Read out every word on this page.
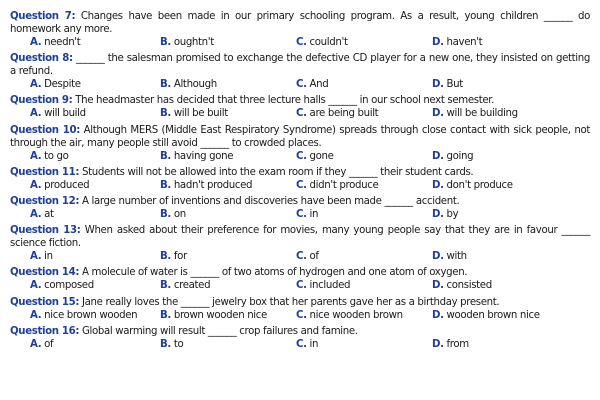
Question 7: Changes have been made in our primary schooling program. As a result, young children ______ do homework any more.
A. needn't	B. oughtn't	C. couldn't	D. haven't
Question 8: ______ the salesman promised to exchange the defective CD player for a new one, they insisted on getting a refund.
A. Despite	B. Although	C. And	D. But
Question 9: The headmaster has decided that three lecture halls ______ in our school next semester.
A. will build	B. will be built	C. are being built	D. will be building
Question 10: Although MERS (Middle East Respiratory Syndrome) spreads through close contact with sick people, not through the air, many people still avoid ______ to crowded places.
A. to go	B. having gone	C. gone	D. going
Question 11: Students will not be allowed into the exam room if they ______ their student cards.
A. produced	B. hadn't produced	C. didn't produce	D. don't produce
Question 12: A large number of inventions and discoveries have been made ______ accident.
A. at	B. on	C. in	D. by
Question 13: When asked about their preference for movies, many young people say that they are in favour ______ science fiction.
A. in	B. for	C. of	D. with
Question 14: A molecule of water is ______ of two atoms of hydrogen and one atom of oxygen.
A. composed	B. created	C. included	D. consisted
Question 15: Jane really loves the ______ jewelry box that her parents gave her as a birthday present.
A. nice brown wooden	B. brown wooden nice	C. nice wooden brown	D. wooden brown nice
Question 16: Global warming will result ______ crop failures and famine.
A. of	B. to	C. in	D. from
